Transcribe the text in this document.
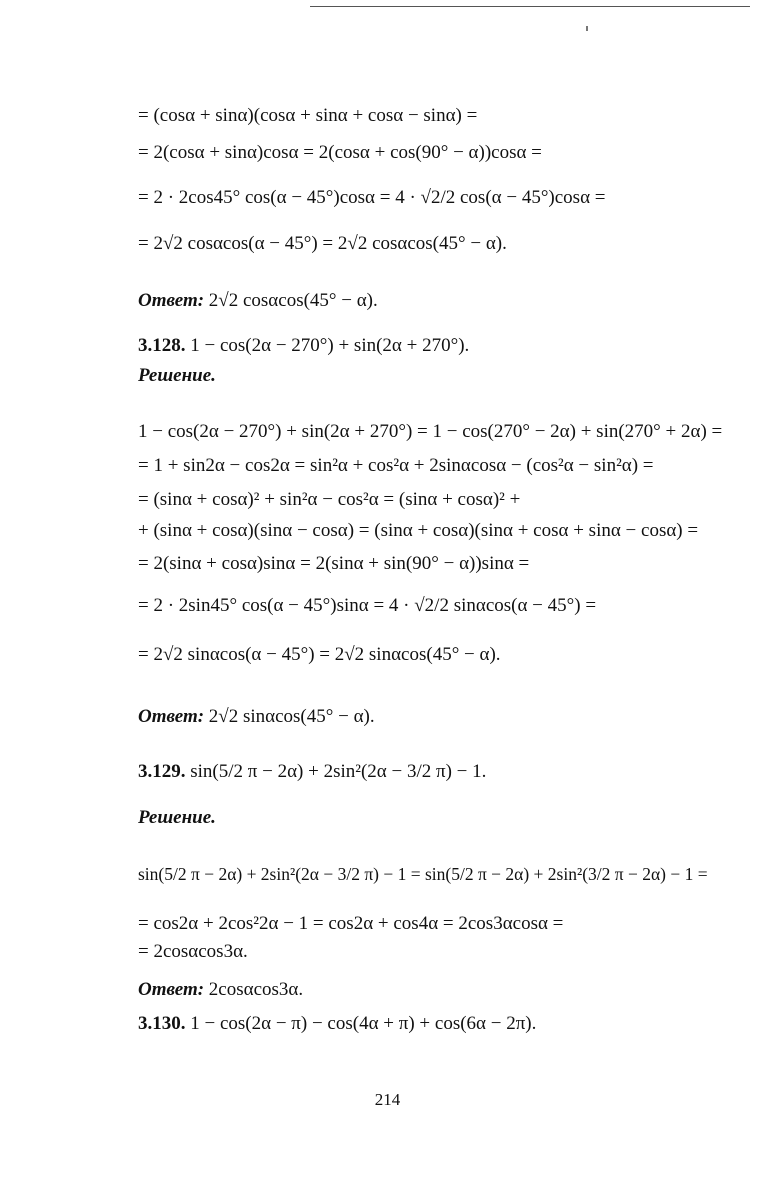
= (cosα + sinα)(cosα + sinα + cosα − sinα) =
= 2(cosα + sinα)cosα = 2(cosα + cos(90° − α))cosα =
= 2 · 2cos45° cos(α − 45°)cosα = 4 · √2/2 cos(α − 45°)cosα =
= 2√2 cosαcos(α − 45°) = 2√2 cosαcos(45° − α).
Ответ: 2√2 cosαcos(45° − α).
3.128. 1 − cos(2α − 270°) + sin(2α + 270°).
Решение.
1 − cos(2α − 270°) + sin(2α + 270°) = 1 − cos(270° − 2α) + sin(270° + 2α) =
= 1 + sin2α − cos2α = sin²α + cos²α + 2sinαcosα − (cos²α − sin²α) =
= (sinα + cosα)² + sin²α − cos²α = (sinα + cosα)² +
+ (sinα + cosα)(sinα − cosα) = (sinα + cosα)(sinα + cosα + sinα − cosα) =
= 2(sinα + cosα)sinα = 2(sinα + sin(90° − α))sinα =
= 2 · 2sin45° cos(α − 45°)sinα = 4 · √2/2 sinαcos(α − 45°) =
= 2√2 sinαcos(α − 45°) = 2√2 sinαcos(45° − α).
Ответ: 2√2 sinαcos(45° − α).
3.129. sin(5/2 π − 2α) + 2sin²(2α − 3/2 π) − 1.
Решение.
sin(5/2 π − 2α) + 2sin²(2α − 3/2 π) − 1 = sin(5/2 π − 2α) + 2sin²(3/2 π − 2α) − 1 =
= cos2α + 2cos²2α − 1 = cos2α + cos4α = 2cos3αcosα =
= 2cosαcos3α.
Ответ: 2cosαcos3α.
3.130. 1 − cos(2α − π) − cos(4α + π) + cos(6α − 2π).
214
